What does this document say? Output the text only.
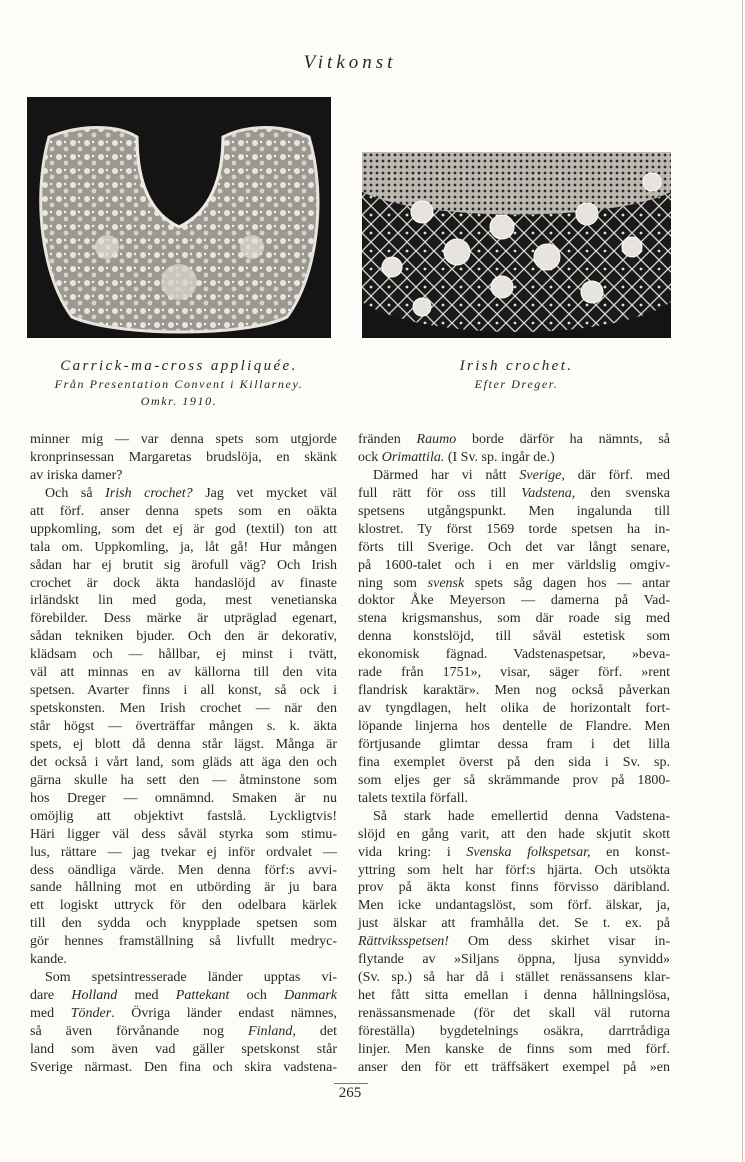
Vitkonst
Carrick-ma-cross appliquée.
Från Presentation Convent i Killarney.
Omkr. 1910.
Irish crochet.
Efter Dreger.
minner mig — var denna spets som utgjorde
kronprinsessan Margaretas brudslöja, en skänk
av iriska damer?
Och så Irish crochet? Jag vet mycket väl
att förf. anser denna spets som en oäkta
uppkomling, som det ej är god (textil) ton att
tala om. Uppkomling, ja, låt gå! Hur mången
sådan har ej brutit sig ärofull väg? Och Irish
crochet är dock äkta handaslöjd av finaste
irländskt lin med goda, mest venetianska
förebilder. Dess märke är utpräglad egenart,
sådan tekniken bjuder. Och den är dekorativ,
klädsam och — hållbar, ej minst i tvätt,
väl att minnas en av källorna till den vita
spetsen. Avarter finns i all konst, så ock i
spetskonsten. Men Irish crochet — när den
står högst — överträffar mången s. k. äkta
spets, ej blott då denna står lägst. Många är
det också i vårt land, som gläds att äga den och
gärna skulle ha sett den — åtminstone som
hos Dreger — omnämnd. Smaken är nu
omöjlig att objektivt fastslå. Lyckligtvis!
Häri ligger väl dess såväl styrka som stimu-
lus, rättare — jag tvekar ej inför ordvalet —
dess oändliga värde. Men denna förf:s avvi-
sande hållning mot en utbörding är ju bara
ett logiskt uttryck för den odelbara kärlek
till den sydda och knypplade spetsen som
gör hennes framställning så livfullt medryc-
kande.
Som spetsintresserade länder upptas vi-
dare Holland med Pattekant och Danmark
med Tönder. Övriga länder endast nämnes,
så även förvånande nog Finland, det
land som även vad gäller spetskonst står
Sverige närmast. Den fina och skira vadstena-
fränden Raumo borde därför ha nämnts, så
ock Orimattila. (I Sv. sp. ingår de.)
Därmed har vi nått Sverige, där förf. med
full rätt för oss till Vadstena, den svenska
spetsens utgångspunkt. Men ingalunda till
klostret. Ty först 1569 torde spetsen ha in-
förts till Sverige. Och det var långt senare,
på 1600-talet och i en mer världslig omgiv-
ning som svensk spets såg dagen hos — antar
doktor Åke Meyerson — damerna på Vad-
stena krigsmanshus, som där roade sig med
denna konstslöjd, till såväl estetisk som
ekonomisk fägnad. Vadstenaspetsar, »beva-
rade från 1751», visar, säger förf. »rent
flandrisk karaktär». Men nog också påverkan
av tyngdlagen, helt olika de horizontalt fort-
löpande linjerna hos dentelle de Flandre. Men
förtjusande glimtar dessa fram i det lilla
fina exemplet överst på den sida i Sv. sp.
som eljes ger så skrämmande prov på 1800-
talets textila förfall.
Så stark hade emellertid denna Vadstena-
slöjd en gång varit, att den hade skjutit skott
vida kring: i Svenska folkspetsar, en konst-
yttring som helt har förf:s hjärta. Och utsökta
prov på äkta konst finns förvisso däribland.
Men icke undantagslöst, som förf. älskar, ja,
just älskar att framhålla det. Se t. ex. på
Rättviksspetsen! Om dess skirhet visar in-
flytande av »Siljans öppna, ljusa synvidd»
(Sv. sp.) så har då i stället renässansens klar-
het fått sitta emellan i denna hållningslösa,
renässansmenade (för det skall väl rutorna
föreställa) bygdetelnings osäkra, darrtrådiga
linjer. Men kanske de finns som med förf.
anser den för ett träffsäkert exempel på »en
265
